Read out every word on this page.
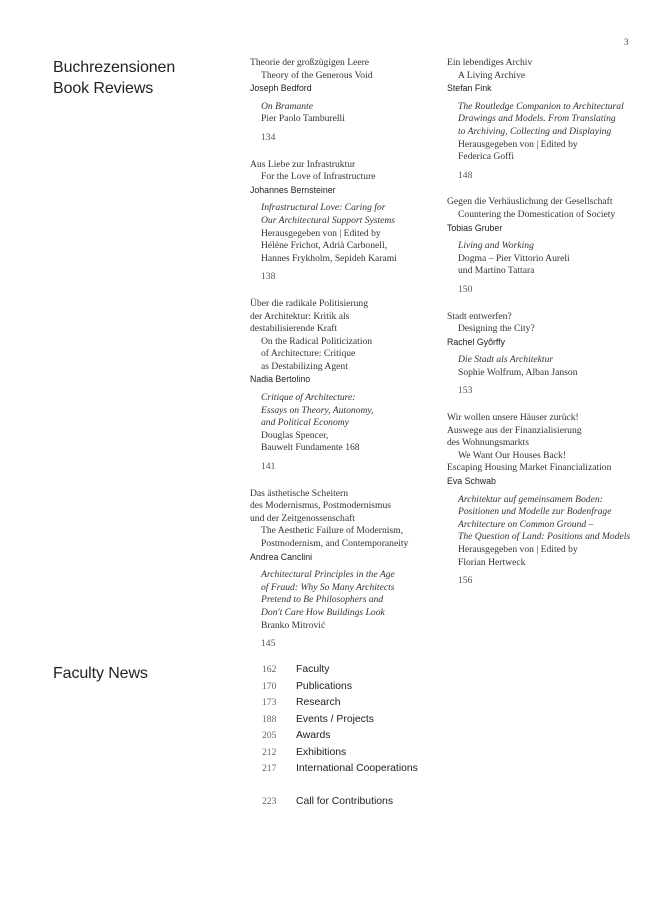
3
Buchrezensionen
Book Reviews
Theorie der großzügigen Leere
Theory of the Generous Void
Joseph Bedford
On Bramante
Pier Paolo Tamburelli
134
Aus Liebe zur Infrastruktur
For the Love of Infrastructure
Johannes Bernsteiner
Infrastructural Love: Caring for
Our Architectural Support Systems
Herausgegeben von | Edited by
Hélène Frichot, Adrià Carbonell,
Hannes Frykholm, Sepideh Karami
138
Über die radikale Politisierung
der Architektur: Kritik als
destabilisierende Kraft
On the Radical Politicization
of Architecture: Critique
as Destabilizing Agent
Nadia Bertolino
Critique of Architecture:
Essays on Theory, Autonomy,
and Political Economy
Douglas Spencer,
Bauwelt Fundamente 168
141
Das ästhetische Scheitern
des Modernismus, Postmodernismus
und der Zeitgenossenschaft
The Aesthetic Failure of Modernism,
Postmodernism, and Contemporaneity
Andrea Canclini
Architectural Principles in the Age
of Fraud: Why So Many Architects
Pretend to Be Philosophers and
Don't Care How Buildings Look
Branko Mitrović
145
Ein lebendiges Archiv
A Living Archive
Stefan Fink
The Routledge Companion to Architectural
Drawings and Models. From Translating
to Archiving, Collecting and Displaying
Herausgegeben von | Edited by
Federica Goffi
148
Gegen die Verhäuslichung der Gesellschaft
Countering the Domestication of Society
Tobias Gruber
Living and Working
Dogma – Pier Vittorio Aureli
und Martino Tattara
150
Stadt entwerfen?
Designing the City?
Rachel Győrffy
Die Stadt als Architektur
Sophie Wolfrum, Alban Janson
153
Wir wollen unsere Häuser zurück!
Auswege aus der Finanzialisierung
des Wohnungsmarkts
We Want Our Houses Back!
Escaping Housing Market Financialization
Eva Schwab
Architektur auf gemeinsamem Boden:
Positionen und Modelle zur Bodenfrage
Architecture on Common Ground –
The Question of Land: Positions and Models
Herausgegeben von | Edited by
Florian Hertweck
156
Faculty News	162	Faculty
170	Publications
173	Research
188	Events / Projects
205	Awards
212	Exhibitions
217	International Cooperations
223	Call for Contributions
